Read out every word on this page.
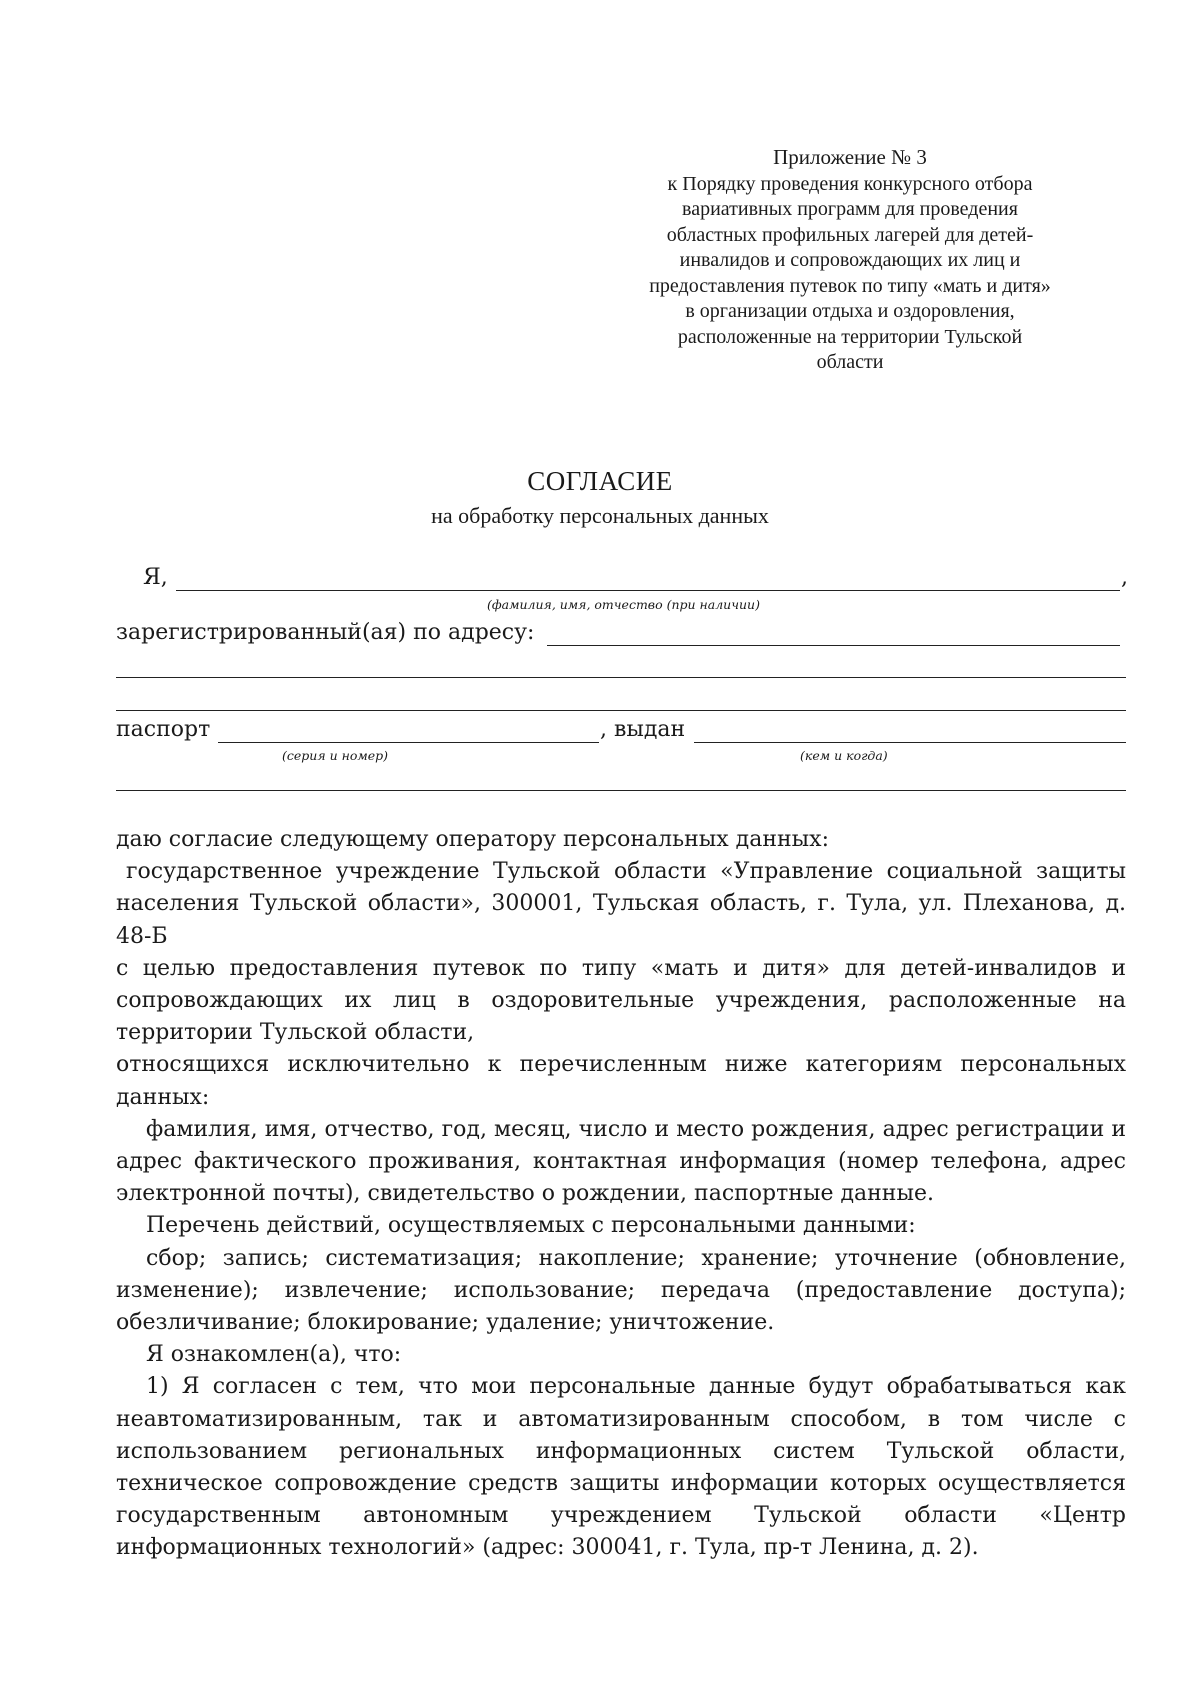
Приложение № 3
к Порядку проведения конкурсного отбора
вариативных программ для проведения
областных профильных лагерей для детей-
инвалидов и сопровождающих их лиц и
предоставления путевок по типу «мать и дитя»
в организации отдыха и оздоровления,
расположенные на территории Тульской
области
СОГЛАСИЕ
на обработку персональных данных
Я,	,
(фамилия, имя, отчество (при наличии)
зарегистрированный(ая) по адресу:
паспорт	, выдан
(серия и номер)	(кем и когда)

даю согласие следующему оператору персональных данных:

государственное учреждение Тульской области «Управление социальной защиты населения Тульской области», 300001, Тульская область, г. Тула, ул. Плеханова, д. 48-Б

с целью предоставления путевок по типу «мать и дитя» для детей-инвалидов и сопровождающих их лиц в оздоровительные учреждения, расположенные на территории Тульской области,

относящихся исключительно к перечисленным ниже категориям персональных данных:

фамилия, имя, отчество, год, месяц, число и место рождения, адрес регистрации и адрес фактического проживания, контактная информация (номер телефона, адрес электронной почты), свидетельство о рождении, паспортные данные.

Перечень действий, осуществляемых с персональными данными:

сбор; запись; систематизация; накопление; хранение; уточнение (обновление, изменение); извлечение; использование; передача (предоставление доступа); обезличивание; блокирование; удаление; уничтожение.

Я ознакомлен(а), что:

1) Я согласен с тем, что мои персональные данные будут обрабатываться как неавтоматизированным, так и автоматизированным способом, в том числе с использованием региональных информационных систем Тульской области, техническое сопровождение средств защиты информации которых осуществляется государственным автономным учреждением Тульской области «Центр информационных технологий» (адрес: 300041, г. Тула, пр-т Ленина, д. 2).
